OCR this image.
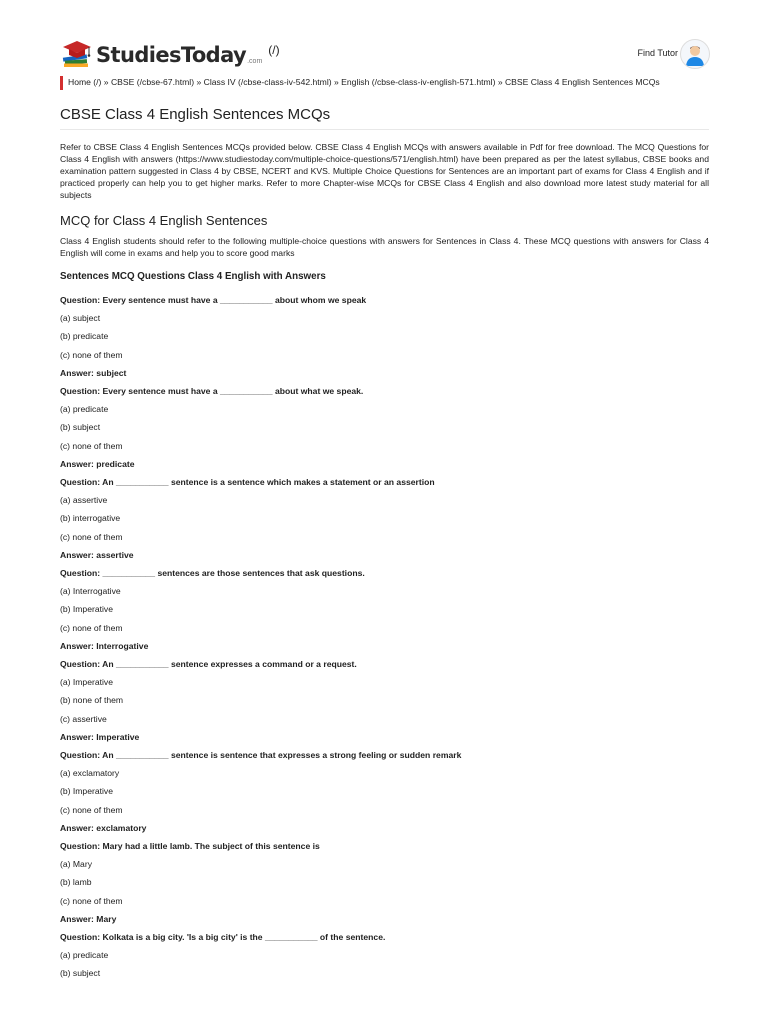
StudiesToday .com
(/)	Find Tutor
Home (/) » CBSE (/cbse-67.html) » Class IV (/cbse-class-iv-542.html) » English (/cbse-class-iv-english-571.html) » CBSE Class 4 English Sentences MCQs
CBSE Class 4 English Sentences MCQs

Refer to CBSE Class 4 English Sentences MCQs provided below. CBSE Class 4 English MCQs with answers available in Pdf for free download. The MCQ Questions for Class 4 English with answers (https://www.studiestoday.com/multiple-choice-questions/571/english.html) have been prepared as per the latest syllabus, CBSE books and examination pattern suggested in Class 4 by CBSE, NCERT and KVS. Multiple Choice Questions for Sentences are an important part of exams for Class 4 English and if practiced properly can help you to get higher marks. Refer to more Chapter-wise MCQs for CBSE Class 4 English and also download more latest study material for all subjects

MCQ for Class 4 English Sentences

Class 4 English students should refer to the following multiple-choice questions with answers for Sentences in Class 4. These MCQ questions with answers for Class 4 English will come in exams and help you to score good marks

Sentences MCQ Questions Class 4 English with Answers
Question: Every sentence must have a ___________ about whom we speak
(a) subject
(b) predicate
(c) none of them
Answer: subject
Question: Every sentence must have a ___________ about what we speak.
(a) predicate
(b) subject
(c) none of them
Answer: predicate
Question: An ___________ sentence is a sentence which makes a statement or an assertion
(a) assertive
(b) interrogative
(c) none of them
Answer: assertive
Question: ___________ sentences are those sentences that ask questions.
(a) Interrogative
(b) Imperative
(c) none of them
Answer: Interrogative
Question: An ___________ sentence expresses a command or a request.
(a) Imperative
(b) none of them
(c) assertive
Answer: Imperative
Question: An ___________ sentence is sentence that expresses a strong feeling or sudden remark
(a) exclamatory
(b) Imperative
(c) none of them
Answer: exclamatory
Question: Mary had a little lamb. The subject of this sentence is
(a) Mary
(b) lamb
(c) none of them
Answer: Mary
Question: Kolkata is a big city. 'Is a big city' is the ___________ of the sentence.
(a) predicate
(b) subject
